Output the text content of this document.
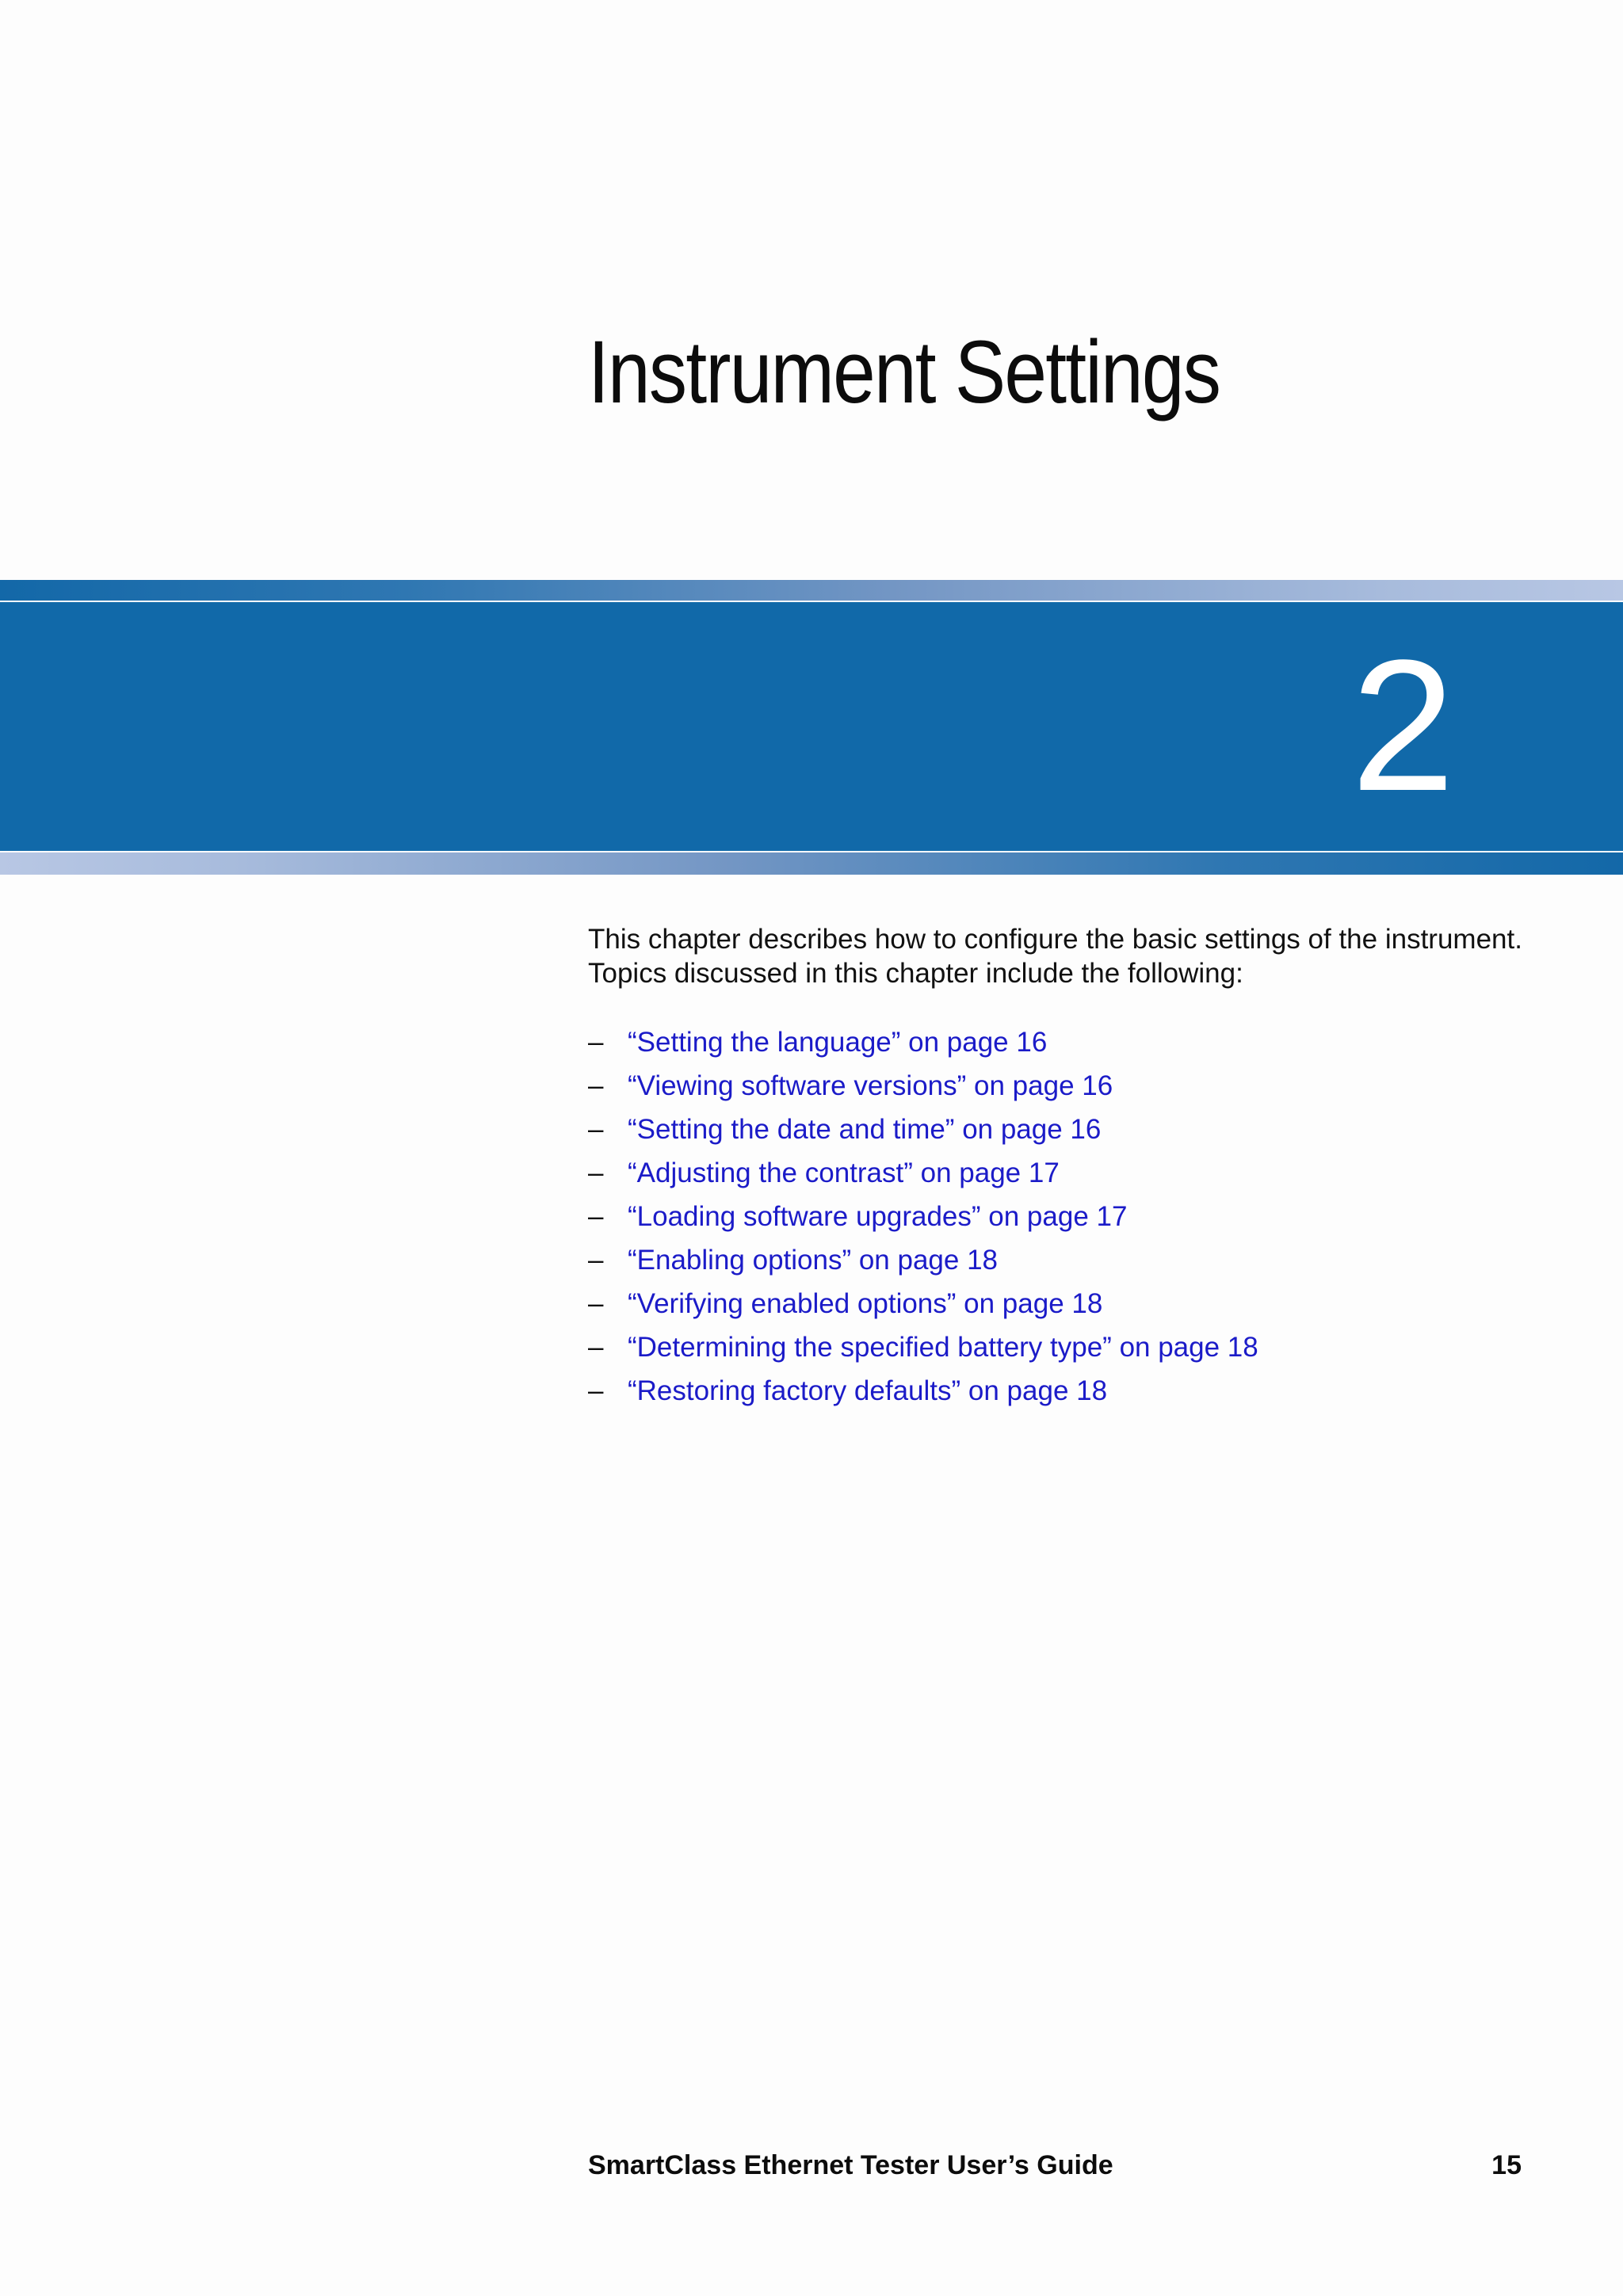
Instrument Settings
2

This chapter describes how to configure the basic settings of the instrument. Topics discussed in this chapter include the following:

– “Setting the language” on page 16
– “Viewing software versions” on page 16
– “Setting the date and time” on page 16
– “Adjusting the contrast” on page 17
– “Loading software upgrades” on page 17
– “Enabling options” on page 18
– “Verifying enabled options” on page 18
– “Determining the specified battery type” on page 18
– “Restoring factory defaults” on page 18
SmartClass Ethernet Tester User’s Guide	15
